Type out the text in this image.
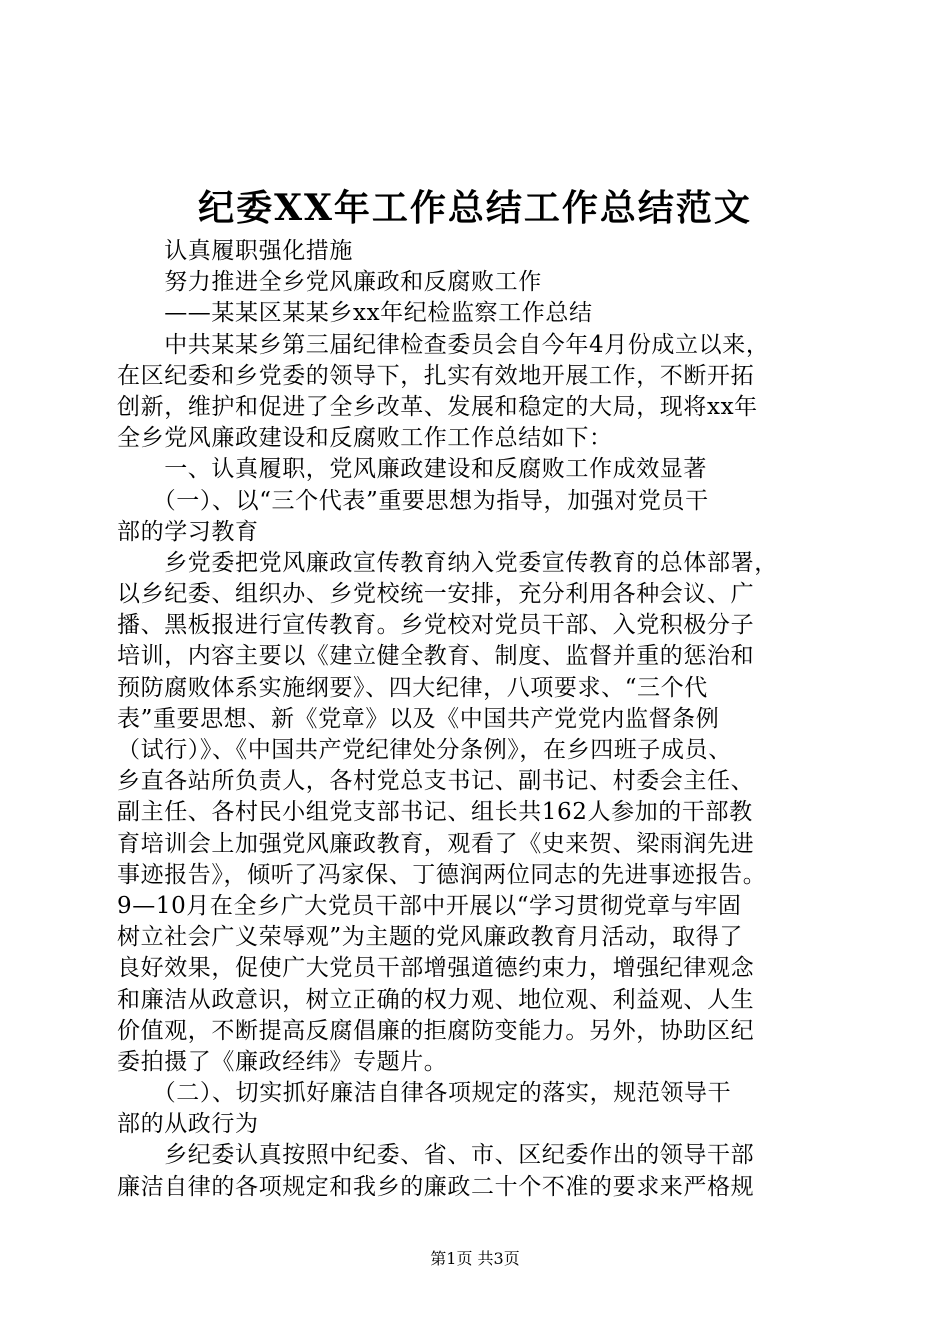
纪委XX年工作总结工作总结范文
　　认真履职强化措施
　　努力推进全乡党风廉政和反腐败工作
　　——某某区某某乡xx年纪检监察工作总结
　　中共某某乡第三届纪律检查委员会自今年4月份成立以来，
在区纪委和乡党委的领导下，扎实有效地开展工作，不断开拓
创新，维护和促进了全乡改革、发展和稳定的大局，现将xx年
全乡党风廉政建设和反腐败工作工作总结如下：
　　一、认真履职，党风廉政建设和反腐败工作成效显著
　　（一）、以“三个代表”重要思想为指导，加强对党员干
部的学习教育
　　乡党委把党风廉政宣传教育纳入党委宣传教育的总体部署，
以乡纪委、组织办、乡党校统一安排，充分利用各种会议、广
播、黑板报进行宣传教育。乡党校对党员干部、入党积极分子
培训，内容主要以《建立健全教育、制度、监督并重的惩治和
预防腐败体系实施纲要》、四大纪律，八项要求、“三个代
表”重要思想、新《党章》以及《中国共产党党内监督条例
（试行）》、《中国共产党纪律处分条例》，在乡四班子成员、
乡直各站所负责人，各村党总支书记、副书记、村委会主任、
副主任、各村民小组党支部书记、组长共162人参加的干部教
育培训会上加强党风廉政教育，观看了《史来贺、梁雨润先进
事迹报告》，倾听了冯家保、丁德润两位同志的先进事迹报告。
9—10月在全乡广大党员干部中开展以“学习贯彻党章与牢固
树立社会广义荣辱观”为主题的党风廉政教育月活动，取得了
良好效果，促使广大党员干部增强道德约束力，增强纪律观念
和廉洁从政意识，树立正确的权力观、地位观、利益观、人生
价值观，不断提高反腐倡廉的拒腐防变能力。另外，协助区纪
委拍摄了《廉政经纬》专题片。
　　（二）、切实抓好廉洁自律各项规定的落实，规范领导干
部的从政行为
　　乡纪委认真按照中纪委、省、市、区纪委作出的领导干部
廉洁自律的各项规定和我乡的廉政二十个不准的要求来严格规
第1页 共3页
